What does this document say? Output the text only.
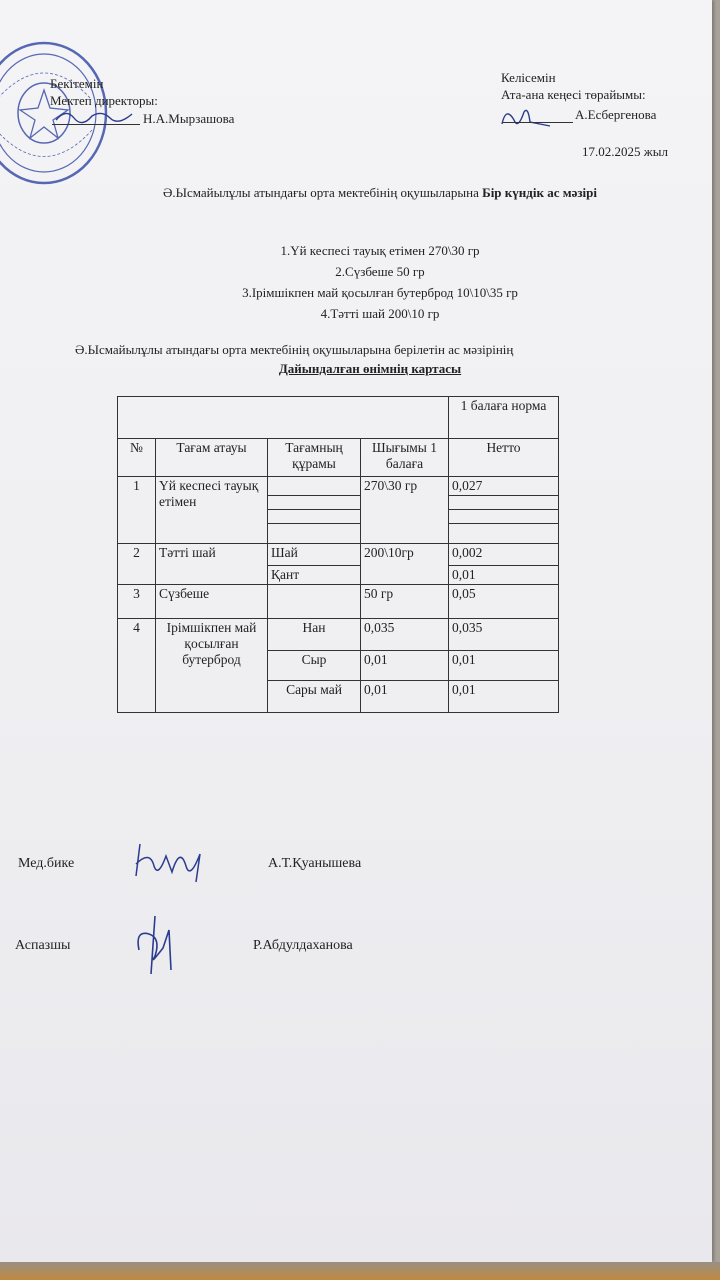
Бекітемін
Мектеп директоры:
Н.А.Мырзашова
Келісемін
Ата-ана кеңесі төрайымы:
А.Есбергенова
17.02.2025 жыл
Ә.Ысмайылұлы атындағы орта мектебінің оқушыларына Бір күндік ас мәзірі
1.Үй кеспесі тауық етімен 270\30 гр
2.Сүзбеше 50 гр
3.Ірімшікпен май қосылған бутерброд 10\10\35 гр
4.Тәтті шай 200\10 гр
Ә.Ысмайылұлы атындағы орта мектебінің оқушыларына берілетін ас мәзірінің
Дайындалған өнімнің картасы
				1 балаға норма
№	Тағам атауы	Тағамның құрамы	Шығымы 1 балаға	Нетто
1	Үй кеспесі тауық етімен		270\30 гр	0,027

2	Тәтті шай	Шай	200\10гр	0,002
		Қант		0,01
3	Сүзбеше		50 гр	0,05
4	Ірімшікпен май қосылған бутерброд	Нан	0,035	0,035
		Сыр	0,01	0,01
		Сары май	0,01	0,01
Мед.бике	А.Т.Қуанышева
Аспазшы	Р.Абдулдаханова
